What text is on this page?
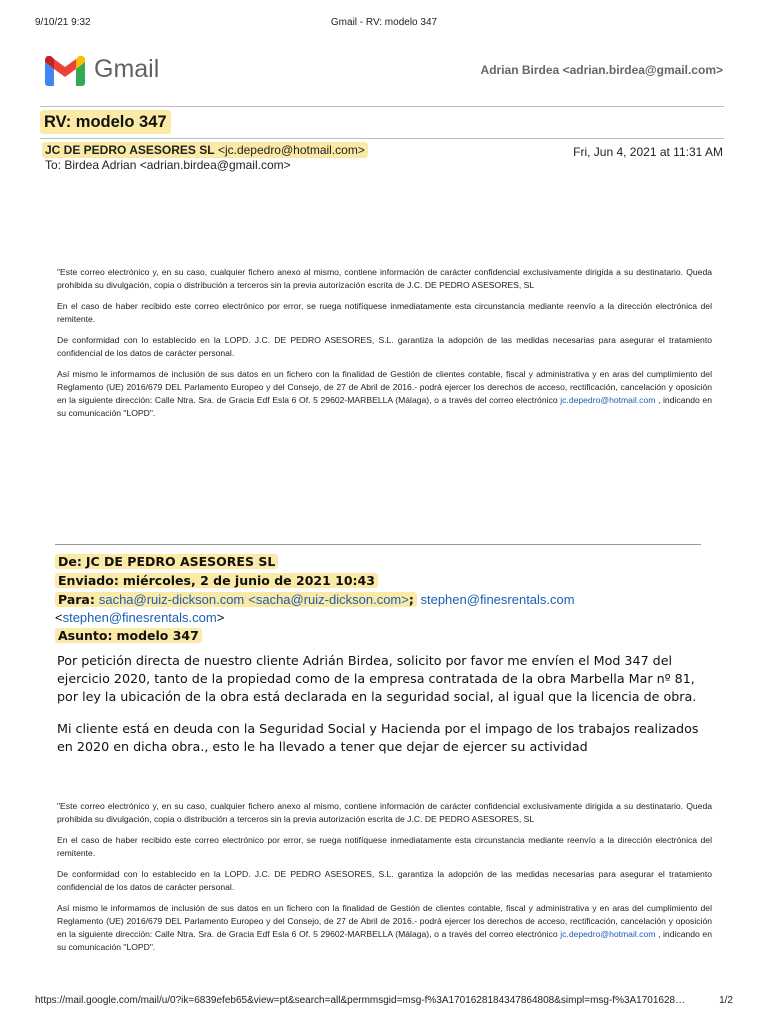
9/10/21 9:32	Gmail - RV: modelo 347
Gmail	Adrian Birdea <adrian.birdea@gmail.com>
RV: modelo 347
JC DE PEDRO ASESORES SL <jc.depedro@hotmail.com>	Fri, Jun 4, 2021 at 11:31 AM
To: Birdea Adrian <adrian.birdea@gmail.com>

"Este correo electrónico y, en su caso, cualquier fichero anexo al mismo, contiene información de carácter confidencial exclusivamente dirigida a su destinatario. Queda prohibida su divulgación, copia o distribución a terceros sin la previa autorización escrita de J.C. DE PEDRO ASESORES, SL

En el caso de haber recibido este correo electrónico por error, se ruega notifíquese inmediatamente esta circunstancia mediante reenvío a la dirección electrónica del remitente.

De conformidad con lo establecido en la LOPD. J.C. DE PEDRO ASESORES, S.L. garantiza la adopción de las medidas necesarias para asegurar el tratamiento confidencial de los datos de carácter personal.

Así mismo le informamos de inclusión de sus datos en un fichero con la finalidad de Gestión de clientes contable, fiscal y administrativa y en aras del cumplimiento del Reglamento (UE) 2016/679 DEL Parlamento Europeo y del Consejo, de 27 de Abril de 2016.- podrá ejercer los derechos de acceso, rectificación, cancelación y oposición en la siguiente dirección: Calle Ntra. Sra. de Gracia Edf Esla 6 Of. 5 29602-MARBELLA (Málaga), o a través del correo electrónico jc.depedro@hotmail.com , indicando en su comunicación "LOPD".

De: JC DE PEDRO ASESORES SL
Enviado: miércoles, 2 de junio de 2021 10:43
Para: sacha@ruiz-dickson.com <sacha@ruiz-dickson.com>; stephen@finesrentals.com
<stephen@finesrentals.com>
Asunto: modelo 347

Por petición directa de nuestro cliente Adrián Birdea, solicito por favor me envíen el Mod 347 del ejercicio 2020, tanto de la propiedad como de la empresa contratada de la obra Marbella Mar nº 81, por ley la ubicación de la obra está declarada en la seguridad social, al igual que la licencia de obra.

Mi cliente está en deuda con la Seguridad Social y Hacienda por el impago de los trabajos realizados en 2020 en dicha obra., esto le ha llevado a tener que dejar de ejercer su actividad

"Este correo electrónico y, en su caso, cualquier fichero anexo al mismo, contiene información de carácter confidencial exclusivamente dirigida a su destinatario. Queda prohibida su divulgación, copia o distribución a terceros sin la previa autorización escrita de J.C. DE PEDRO ASESORES, SL

En el caso de haber recibido este correo electrónico por error, se ruega notifíquese inmediatamente esta circunstancia mediante reenvío a la dirección electrónica del remitente.

De conformidad con lo establecido en la LOPD. J.C. DE PEDRO ASESORES, S.L. garantiza la adopción de las medidas necesarias para asegurar el tratamiento confidencial de los datos de carácter personal.

Así mismo le informamos de inclusión de sus datos en un fichero con la finalidad de Gestión de clientes contable, fiscal y administrativa y en aras del cumplimiento del Reglamento (UE) 2016/679 DEL Parlamento Europeo y del Consejo, de 27 de Abril de 2016.- podrá ejercer los derechos de acceso, rectificación, cancelación y oposición en la siguiente dirección: Calle Ntra. Sra. de Gracia Edf Esla 6 Of. 5 29602-MARBELLA (Málaga), o a través del correo electrónico jc.depedro@hotmail.com , indicando en su comunicación "LOPD".

https://mail.google.com/mail/u/0?ik=6839efeb65&view=pt&search=all&permmsgid=msg-f%3A1701628184347864808&simpl=msg-f%3A1701628…	1/2
